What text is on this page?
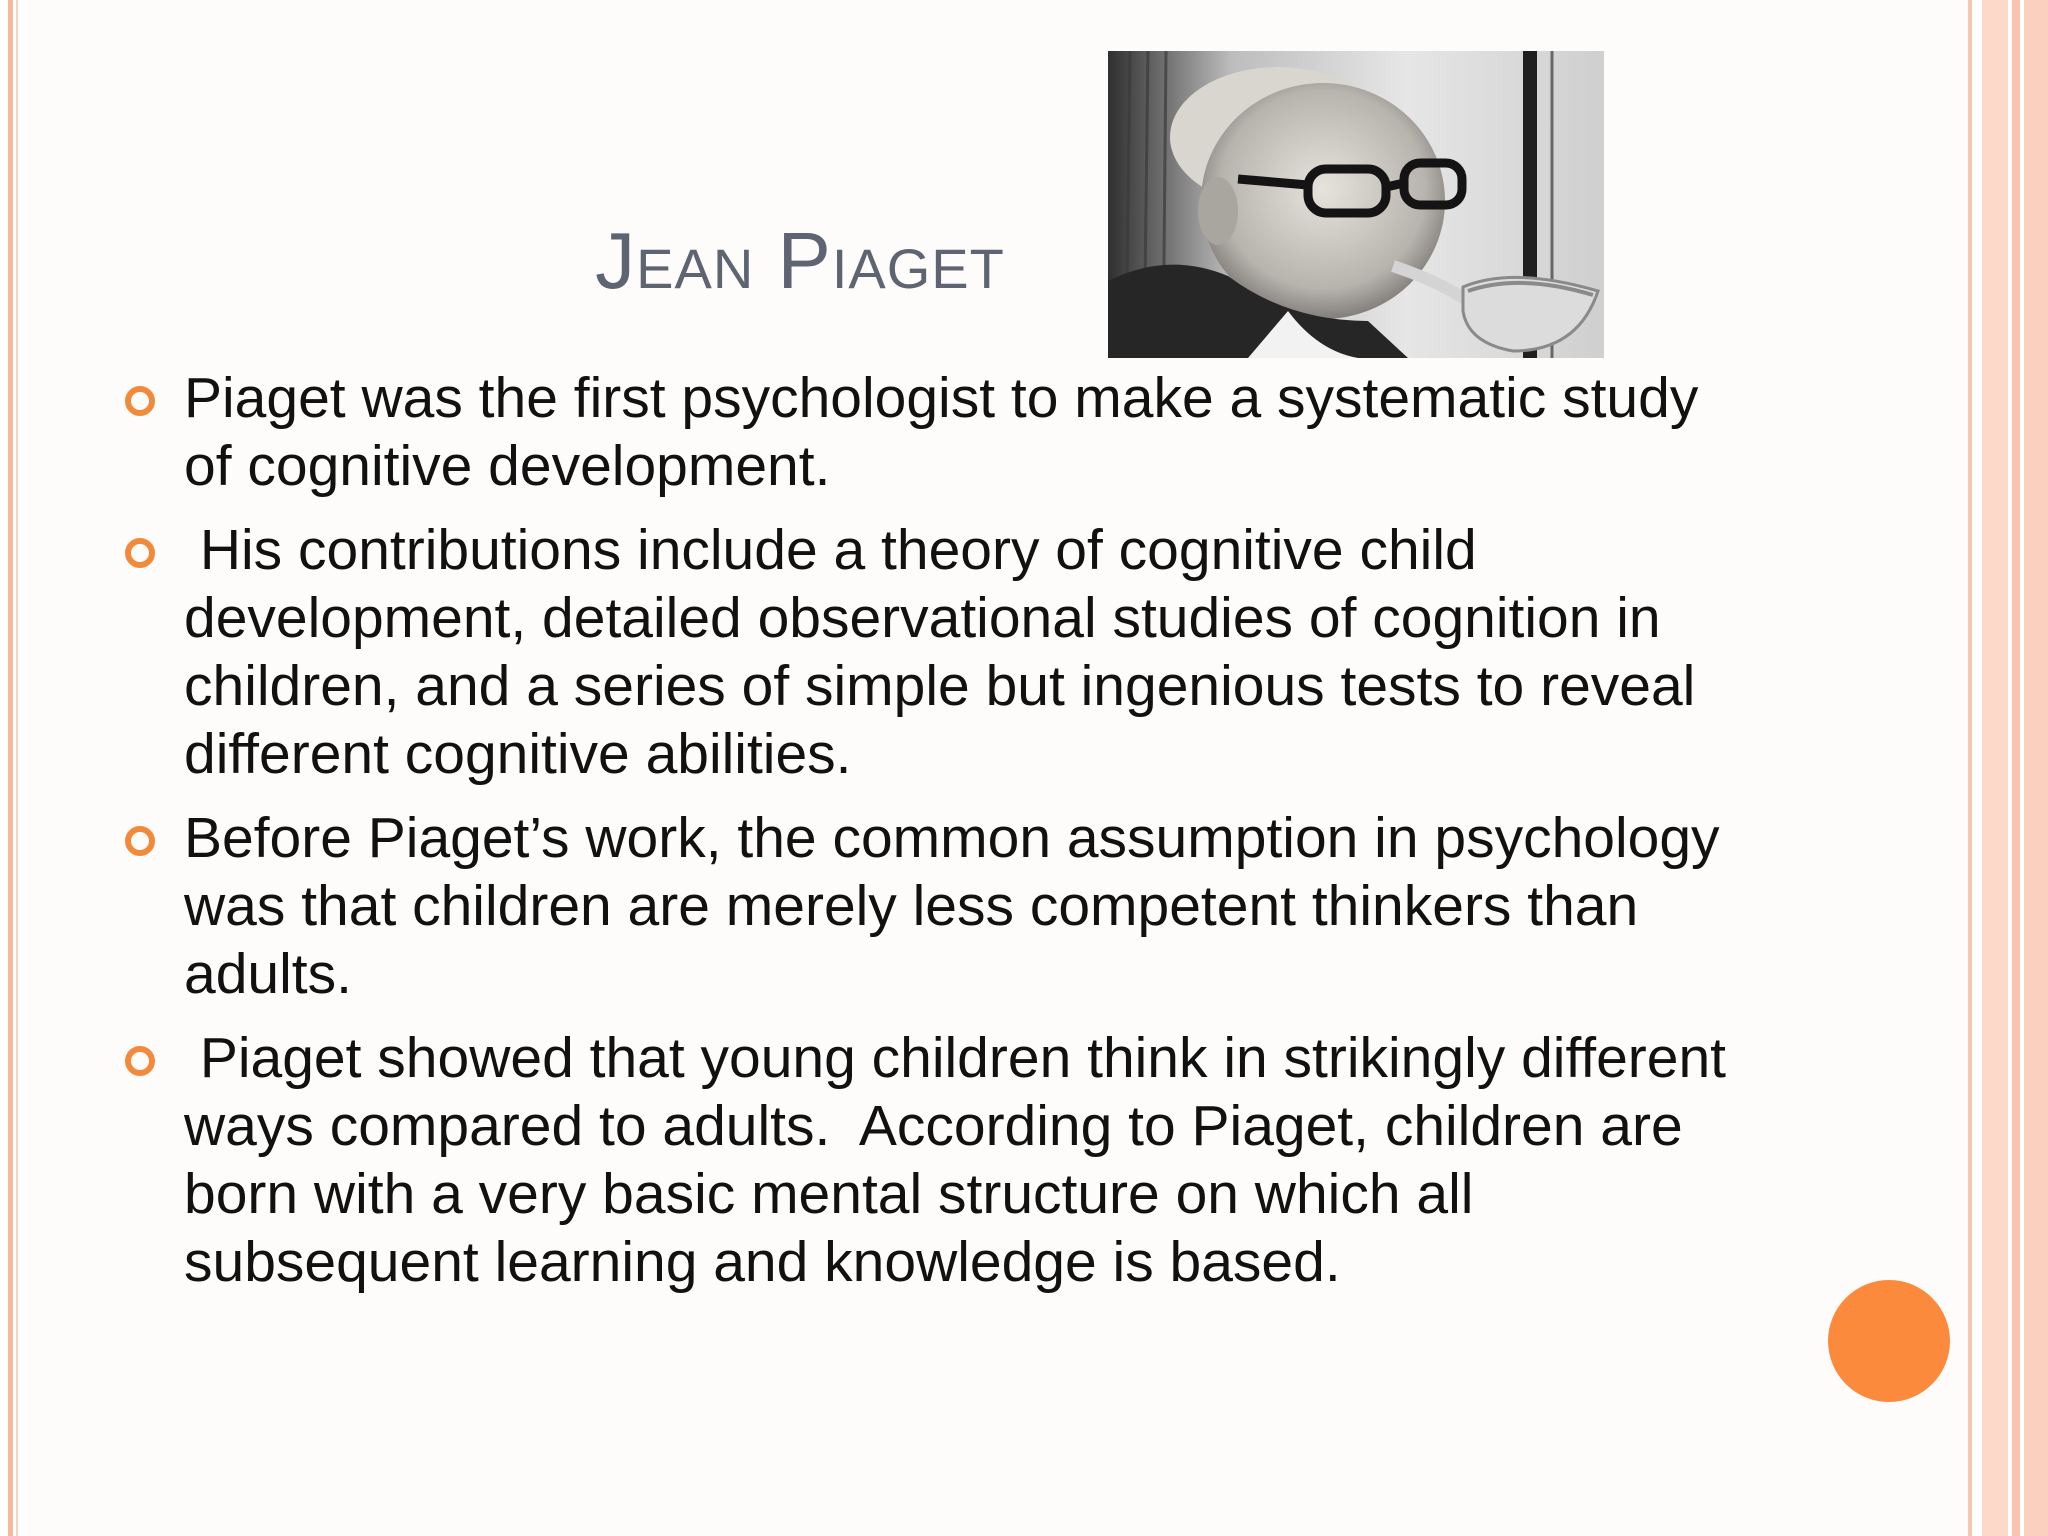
Jean Piaget
Piaget was the first psychologist to make a systematic study of cognitive development.
His contributions include a theory of cognitive child development, detailed observational studies of cognition in children, and a series of simple but ingenious tests to reveal different cognitive abilities.
Before Piaget’s work, the common assumption in psychology was that children are merely less competent thinkers than adults.
Piaget showed that young children think in strikingly different ways compared to adults.  According to Piaget, children are born with a very basic mental structure on which all subsequent learning and knowledge is based.
